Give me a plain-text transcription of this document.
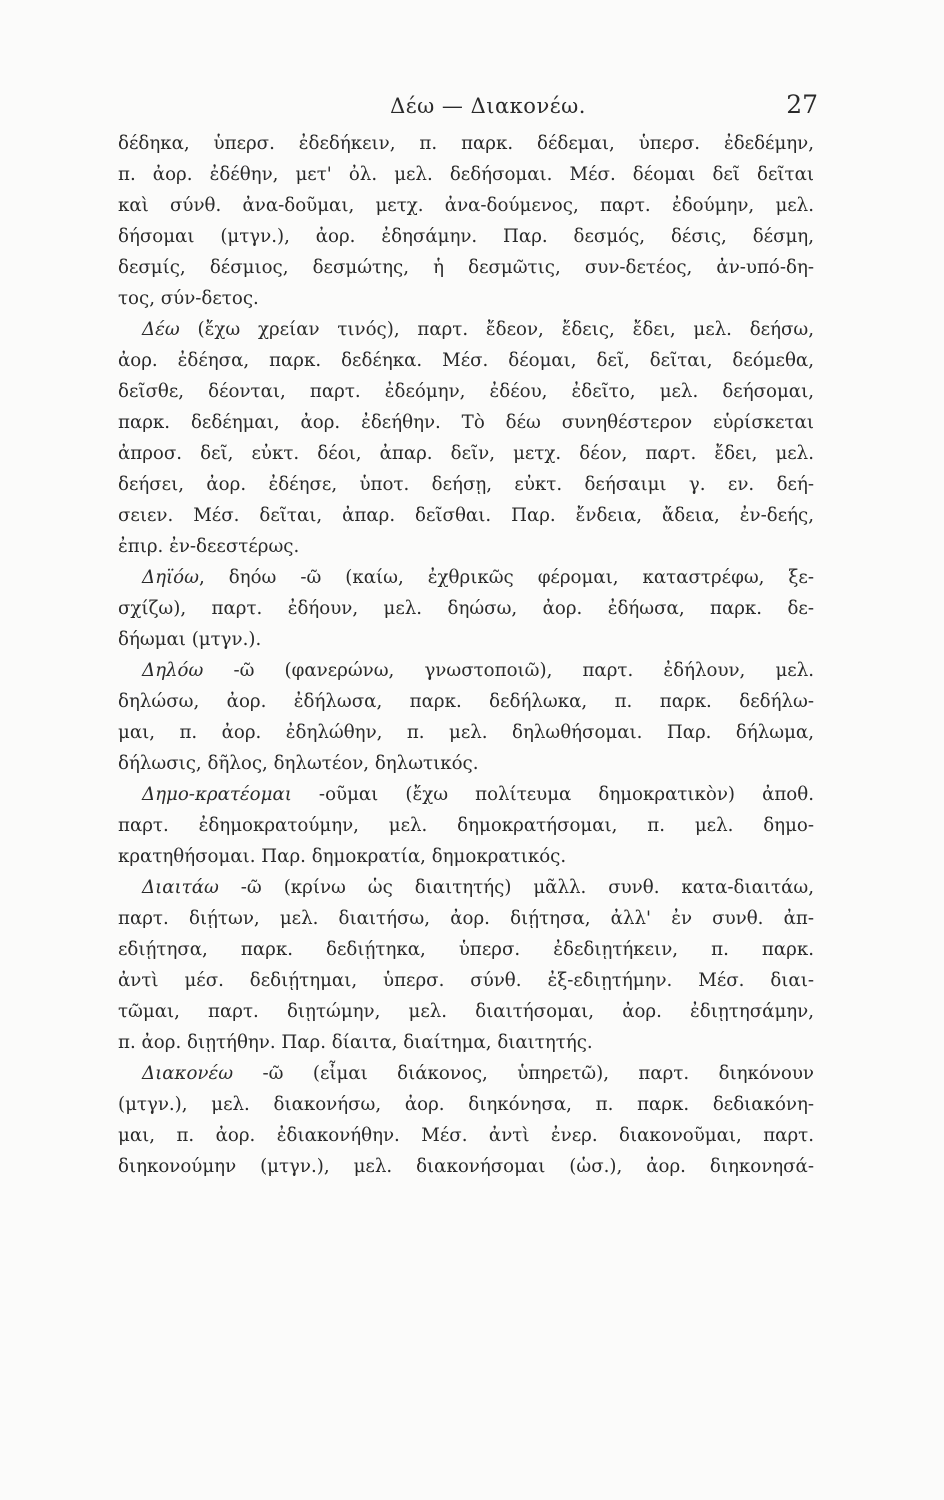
Δέω — Διακονέω.	27
δέδηκα, ὑπερσ. ἐδεδήκειν, π. παρκ. δέδεμαι, ὑπερσ. ἐδεδέμην,
π. ἀορ. ἐδέθην, μετ' ὀλ. μελ. δεδήσομαι. Μέσ. δέομαι δεῖ δεῖται
καὶ σύνθ. ἀνα-δοῦμαι, μετχ. ἀνα-δούμενος, παρτ. ἐδούμην, μελ.
δήσομαι (μτγν.), ἀορ. ἐδησάμην. Παρ. δεσμός, δέσις, δέσμη,
δεσμίς, δέσμιος, δεσμώτης, ἡ δεσμῶτις, συν-δετέος, ἀν-υπό-δη-
τος, σύν-δετος.
Δέω (ἔχω χρείαν τινός), παρτ. ἔδεον, ἔδεις, ἔδει, μελ. δεήσω,
ἀορ. ἐδέησα, παρκ. δεδέηκα. Μέσ. δέομαι, δεῖ, δεῖται, δεόμεθα,
δεῖσθε, δέονται, παρτ. ἐδεόμην, ἐδέου, ἐδεῖτο, μελ. δεήσομαι,
παρκ. δεδέημαι, ἀορ. ἐδεήθην. Τὸ δέω συνηθέστερον εὑρίσκεται
ἀπροσ. δεῖ, εὐκτ. δέοι, ἀπαρ. δεῖν, μετχ. δέον, παρτ. ἔδει, μελ.
δεήσει, ἀορ. ἐδέησε, ὑποτ. δεήσῃ, εὐκτ. δεήσαιμι γ. εν. δεή-
σειεν. Μέσ. δεῖται, ἀπαρ. δεῖσθαι. Παρ. ἔνδεια, ἄδεια, ἐν-δεής,
ἐπιρ. ἐν-δεεστέρως.
Δηϊόω, δηόω -ῶ (καίω, ἐχθρικῶς φέρομαι, καταστρέφω, ξε-
σχίζω), παρτ. ἐδήουν, μελ. δηώσω, ἀορ. ἐδήωσα, παρκ. δε-
δήωμαι (μτγν.).
Δηλόω -ῶ (φανερώνω, γνωστοποιῶ), παρτ. ἐδήλουν, μελ.
δηλώσω, ἀορ. ἐδήλωσα, παρκ. δεδήλωκα, π. παρκ. δεδήλω-
μαι, π. ἀορ. ἐδηλώθην, π. μελ. δηλωθήσομαι. Παρ. δήλωμα,
δήλωσις, δῆλος, δηλωτέον, δηλωτικός.
Δημο-κρατέομαι -οῦμαι (ἔχω πολίτευμα δημοκρατικὸν) ἀποθ.
παρτ. ἐδημοκρατούμην, μελ. δημοκρατήσομαι, π. μελ. δημο-
κρατηθήσομαι. Παρ. δημοκρατία, δημοκρατικός.
Διαιτάω -ῶ (κρίνω ὡς διαιτητής) μᾶλλ. συνθ. κατα-διαιτάω,
παρτ. διῄτων, μελ. διαιτήσω, ἀορ. διῄτησα, ἀλλ' ἐν συνθ. ἀπ-
εδιῄτησα, παρκ. δεδιῄτηκα, ὑπερσ. ἐδεδιῃτήκειν, π. παρκ.
ἀντὶ μέσ. δεδιῄτημαι, ὑπερσ. σύνθ. ἐξ-εδιῃτήμην. Μέσ. διαι-
τῶμαι, παρτ. διῃτώμην, μελ. διαιτήσομαι, ἀορ. ἐδιῃτησάμην,
π. ἀορ. διῃτήθην. Παρ. δίαιτα, διαίτημα, διαιτητής.
Διακονέω -ῶ (εἶμαι διάκονος, ὑπηρετῶ), παρτ. διηκόνουν
(μτγν.), μελ. διακονήσω, ἀορ. διηκόνησα, π. παρκ. δεδιακόνη-
μαι, π. ἀορ. ἐδιακονήθην. Μέσ. ἀντὶ ἐνερ. διακονοῦμαι, παρτ.
διηκονούμην (μτγν.), μελ. διακονήσομαι (ὡσ.), ἀορ. διηκονησά-
